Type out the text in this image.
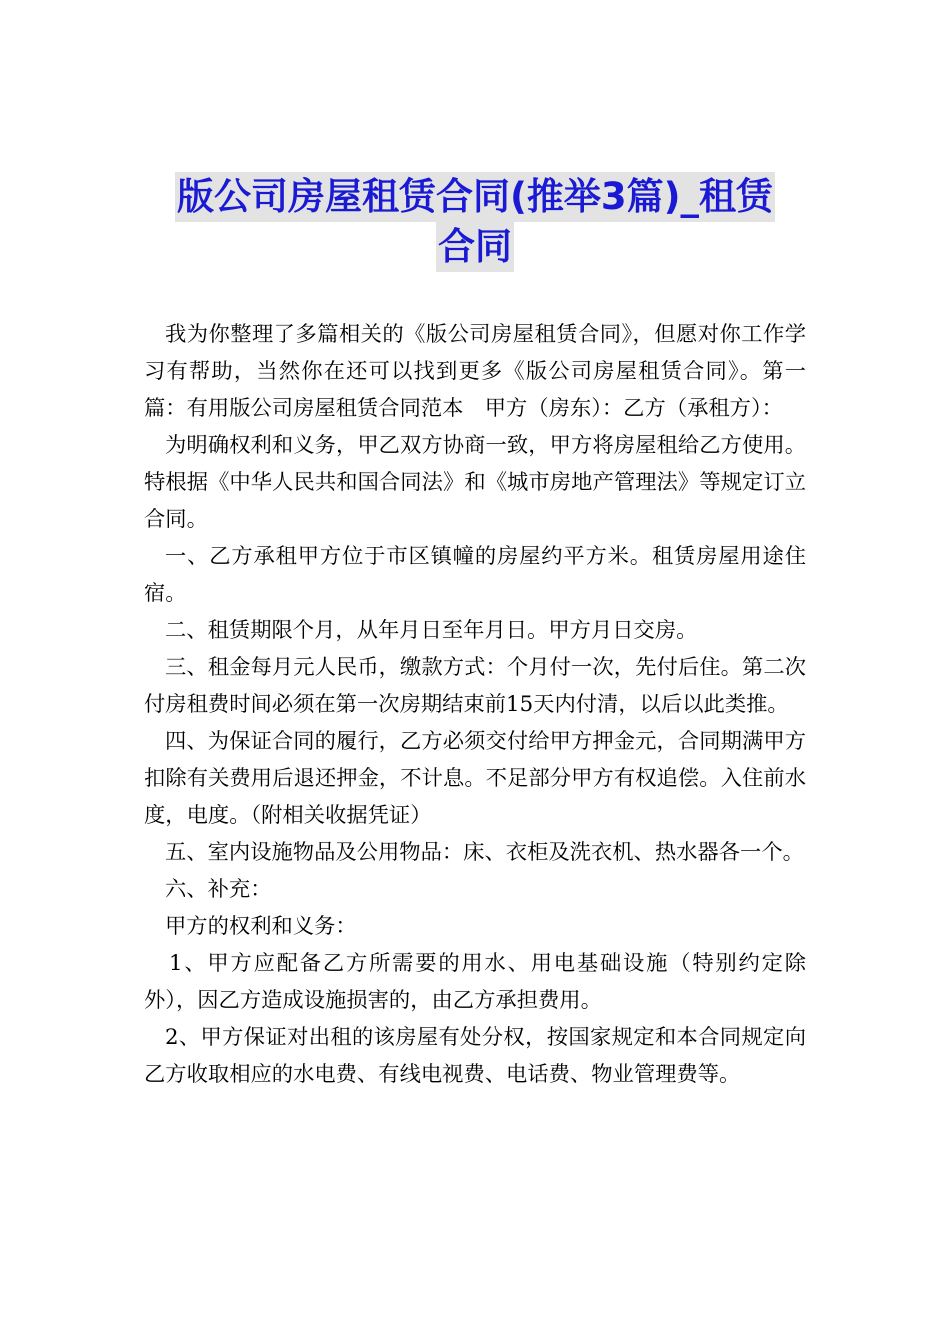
版公司房屋租赁合同(推举3篇)_租赁
合同

我为你整理了多篇相关的《版公司房屋租赁合同》，但愿对你工作学习有帮助，当然你在还可以找到更多《版公司房屋租赁合同》。第一篇：有用版公司房屋租赁合同范本　甲方（房东）：乙方（承租方）：

为明确权利和义务，甲乙双方协商一致，甲方将房屋租给乙方使用。特根据《中华人民共和国合同法》和《城市房地产管理法》等规定订立合同。

一、乙方承租甲方位于市区镇幢的房屋约平方米。租赁房屋用途住宿。

二、租赁期限个月，从年月日至年月日。甲方月日交房。

三、租金每月元人民币，缴款方式：个月付一次，先付后住。第二次付房租费时间必须在第一次房期结束前15天内付清，以后以此类推。

四、为保证合同的履行，乙方必须交付给甲方押金元，合同期满甲方扣除有关费用后退还押金，不计息。不足部分甲方有权追偿。入住前水度，电度。（附相关收据凭证）

五、室内设施物品及公用物品：床、衣柜及洗衣机、热水器各一个。

六、补充：

甲方的权利和义务：

1、甲方应配备乙方所需要的用水、用电基础设施（特别约定除外），因乙方造成设施损害的，由乙方承担费用。

2、甲方保证对出租的该房屋有处分权，按国家规定和本合同规定向乙方收取相应的水电费、有线电视费、电话费、物业管理费等。
